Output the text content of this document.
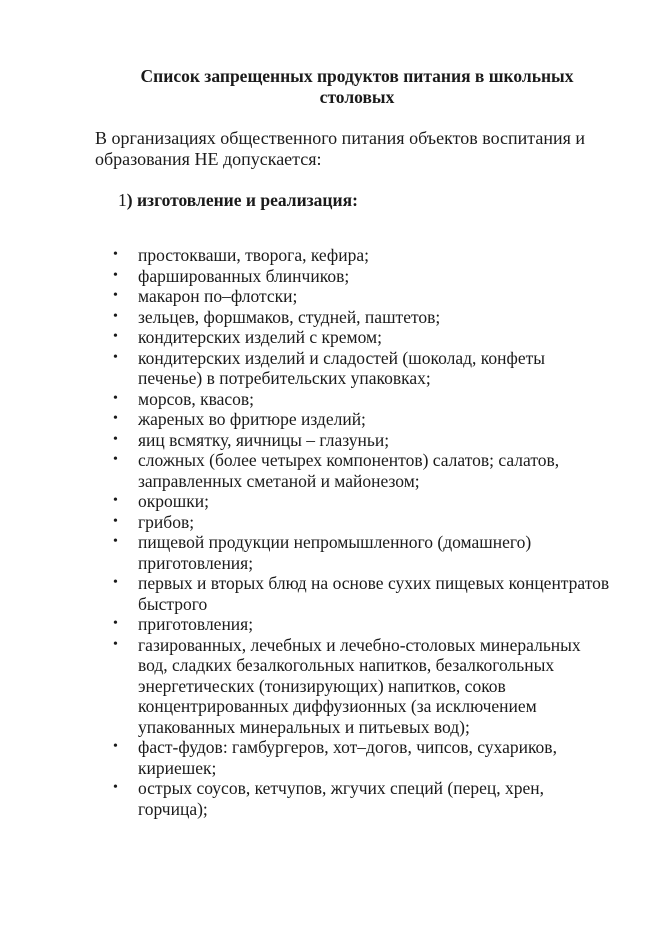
Список запрещенных продуктов питания в школьных столовых
В организациях общественного питания объектов воспитания и образования НЕ допускается:
1) изготовление и реализация:
• простокваши, творога, кефира;
• фаршированных блинчиков;
• макарон по–флотски;
• зельцев, форшмаков, студней, паштетов;
• кондитерских изделий с кремом;
• кондитерских изделий и сладостей (шоколад, конфеты печенье) в потребительских упаковках;
• морсов, квасов;
• жареных во фритюре изделий;
• яиц всмятку, яичницы – глазуньи;
• сложных (более четырех компонентов) салатов; салатов, заправленных сметаной и майонезом;
• окрошки;
• грибов;
• пищевой продукции непромышленного (домашнего) приготовления;
• первых и вторых блюд на основе сухих пищевых концентратов быстрого
• приготовления;
• газированных, лечебных и лечебно-столовых минеральных вод, сладких безалкогольных напитков, безалкогольных энергетических (тонизирующих) напитков, соков концентрированных диффузионных (за исключением упакованных минеральных и питьевых вод);
• фаст-фудов: гамбургеров, хот–догов, чипсов, сухариков, кириешек;
• острых соусов, кетчупов, жгучих специй (перец, хрен, горчица);
